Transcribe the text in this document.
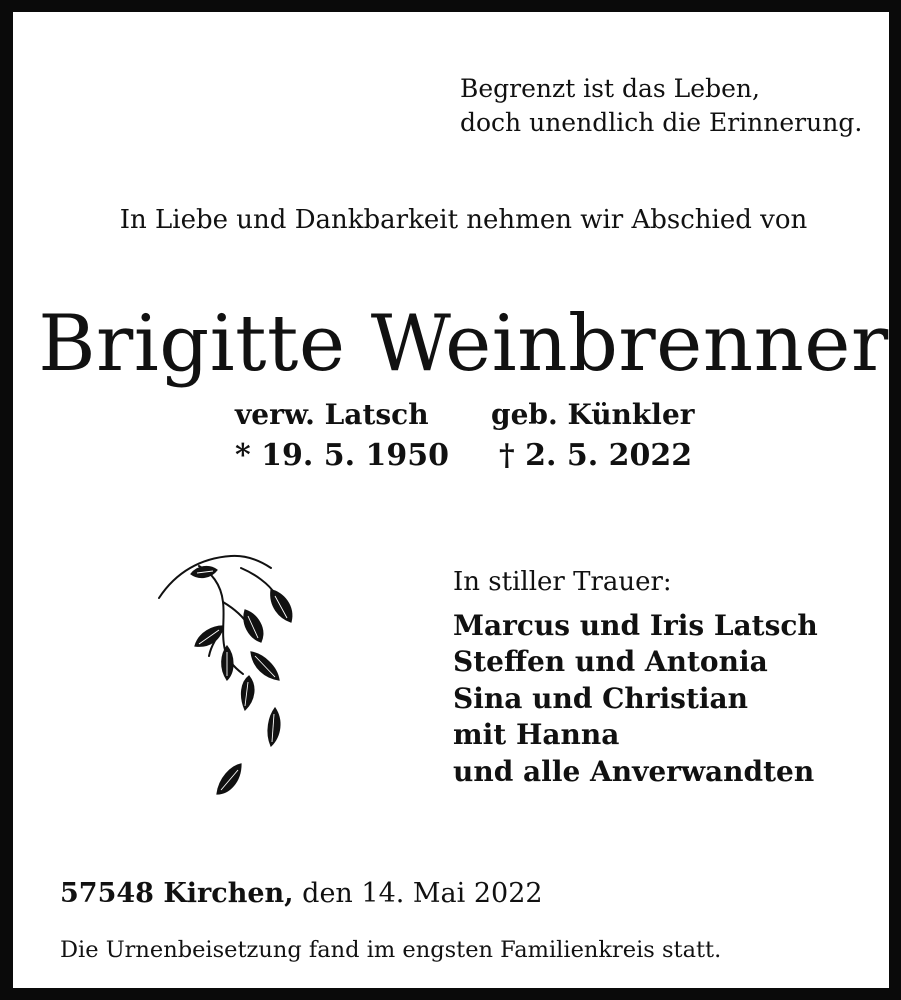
Begrenzt ist das Leben,
doch unendlich die Erinnerung.
In Liebe und Dankbarkeit nehmen wir Abschied von
Brigitte Weinbrenner
verw. Latsch geb. Künkler
* 19. 5. 1950 † 2. 5. 2022
In stiller Trauer:
Marcus und Iris Latsch
Steffen und Antonia
Sina und Christian
mit Hanna
und alle Anverwandten
57548 Kirchen, den 14. Mai 2022
Die Urnenbeisetzung fand im engsten Familienkreis statt.
